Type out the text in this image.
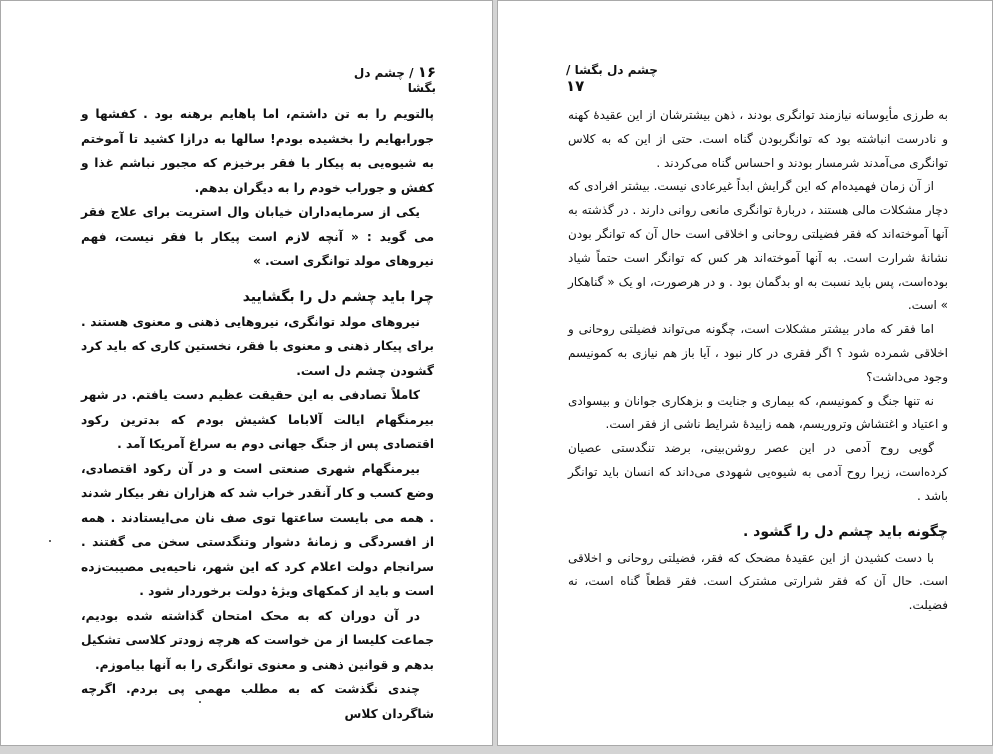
۱۶ / چشم دل بگشا

پالتویم را به تن داشتم، اما پاهایم برهنه بود . کفشها و جورابهایم را بخشیده بودم! سالها به درازا کشید تا آموختم به شیوه‌یی به پیکار با فقر برخیزم که مجبور نباشم غذا و کفش و جوراب خودم را به دیگران بدهم.

یکی از سرمایه‌داران خیابان وال استریت برای علاج فقر می گوید : « آنچه لازم است پیکار با فقر نیست، فهم نیروهای مولد توانگری است. »

چرا باید چشم دل را بگشایید

نیروهای مولد توانگری، نیروهایی ذهنی و معنوی هستند . برای پیکار ذهنی و معنوی با فقر، نخستین کاری که باید کرد گشودن چشم دل است.

کاملاً تصادفی به این حقیقت عظیم دست یافتم. در شهر بیرمنگهام ایالت آلاباما کشیش بودم که بدترین رکود اقتصادی پس از جنگ جهانی دوم به سراغ آمریکا آمد .

بیرمنگهام شهری صنعتی است و در آن رکود اقتصادی، وضع کسب و کار آنقدر خراب شد که هزاران نفر بیکار شدند . همه می بایست ساعتها توی صف نان می‌ایستادند . همه از افسردگی و زمانهٔ دشوار وتنگدستی سخن می گفتند . سرانجام دولت اعلام کرد که این شهر، ناحیه‌یی مصیبت‌زده است و باید از کمکهای ویژهٔ دولت برخوردار شود .

در آن دوران که به محک امتحان گذاشته شده بودیم، جماعت کلیسا از من خواست که هرچه زودتر کلاسی تشکیل بدهم و قوانین ذهنی و معنوی توانگری را به آنها بیاموزم.

چندی نگذشت که به مطلب مهمی پی بردم. اگرچه شاگردان کلاس

چشم دل بگشا / ۱۷

به طرزی مأیوسانه نیازمند توانگری بودند ، ذهن بیشترشان از این عقیدهٔ کهنه و نادرست انباشته بود که توانگربودن گناه است. حتی از این که به کلاس توانگری می‌آمدند شرمسار بودند و احساس گناه می‌کردند .

از آن زمان فهمیده‌ام که این گرایش ابداً غیرعادی نیست. بیشتر افرادی که دچار مشکلات مالی هستند ، دربارهٔ توانگری مانعی روانی دارند . در گذشته به آنها آموخته‌اند که فقر فضیلتی روحانی و اخلاقی است حال آن که توانگر بودن نشانهٔ شرارت است. به آنها آموخته‌اند هر کس که توانگر است حتماً شیاد بوده‌است، پس باید نسبت به او بدگمان بود . و در هرصورت، او یک « گناهکار » است.

اما فقر که مادر بیشتر مشکلات است، چگونه می‌تواند فضیلتی روحانی و اخلاقی شمرده شود ؟ اگر فقری در کار نبود ، آیا باز هم نیازی به کمونیسم وجود می‌داشت؟

نه تنها جنگ و کمونیسم، که بیماری و جنایت و بزهکاری جوانان و بیسوادی و اعتیاد و اغتشاش وتروریسم، همه زاییدهٔ شرایط ناشی از فقر است.

گویی روح آدمی در این عصر روشن‌بینی، برضد تنگدستی عصیان کرده‌است، زیرا روح آدمی به شیوه‌یی شهودی می‌داند که انسان باید توانگر باشد .

چگونه باید چشم دل را گشود .

با دست کشیدن از این عقیدهٔ مضحک که فقر، فضیلتی روحانی و اخلاقی است. حال آن که فقر شرارتی مشترک است. فقر قطعاً گناه است، نه فضیلت.
